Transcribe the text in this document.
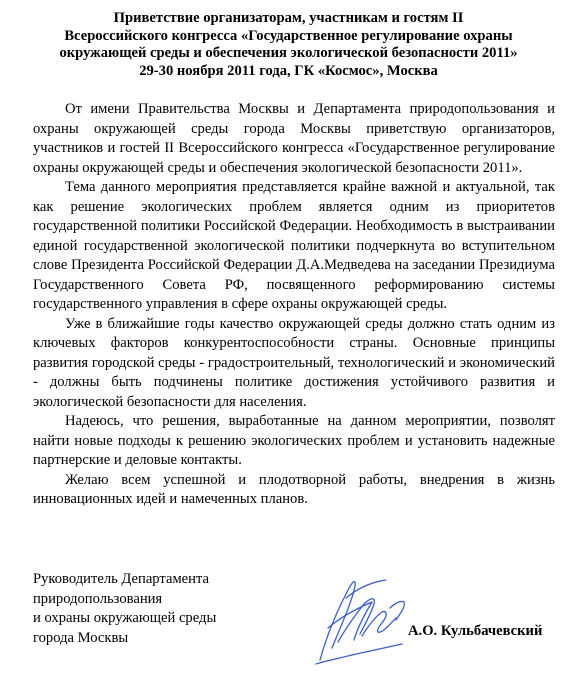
Приветствие организаторам, участникам и гостям II
Всероссийского конгресса «Государственное регулирование охраны
окружающей среды и обеспечения экологической безопасности 2011»
29-30 ноября 2011 года, ГК «Космос», Москва

От имени Правительства Москвы и Департамента природопользования и охраны окружающей среды города Москвы приветствую организаторов, участников и гостей II Всероссийского конгресса «Государственное регулирование охраны окружающей среды и обеспечения экологической безопасности 2011».

Тема данного мероприятия представляется крайне важной и актуальной, так как решение экологических проблем является одним из приоритетов государственной политики Российской Федерации. Необходимость в выстраивании единой государственной экологической политики подчеркнута во вступительном слове Президента Российской Федерации Д.А.Медведева на заседании Президиума Государственного Совета РФ, посвященного реформированию системы государственного управления в сфере охраны окружающей среды.

Уже в ближайшие годы качество окружающей среды должно стать одним из ключевых факторов конкурентоспособности страны. Основные принципы развития городской среды - градостроительный, технологический и экономический - должны быть подчинены политике достижения устойчивого развития и экологической безопасности для населения.

Надеюсь, что решения, выработанные на данном мероприятии, позволят найти новые подходы к решению экологических проблем и установить надежные партнерские и деловые контакты.

Желаю всем успешной и плодотворной работы, внедрения в жизнь инновационных идей и намеченных планов.

Руководитель Департамента
природопользования
и охраны окружающей среды
города Москвы	А.О. Кульбачевский
